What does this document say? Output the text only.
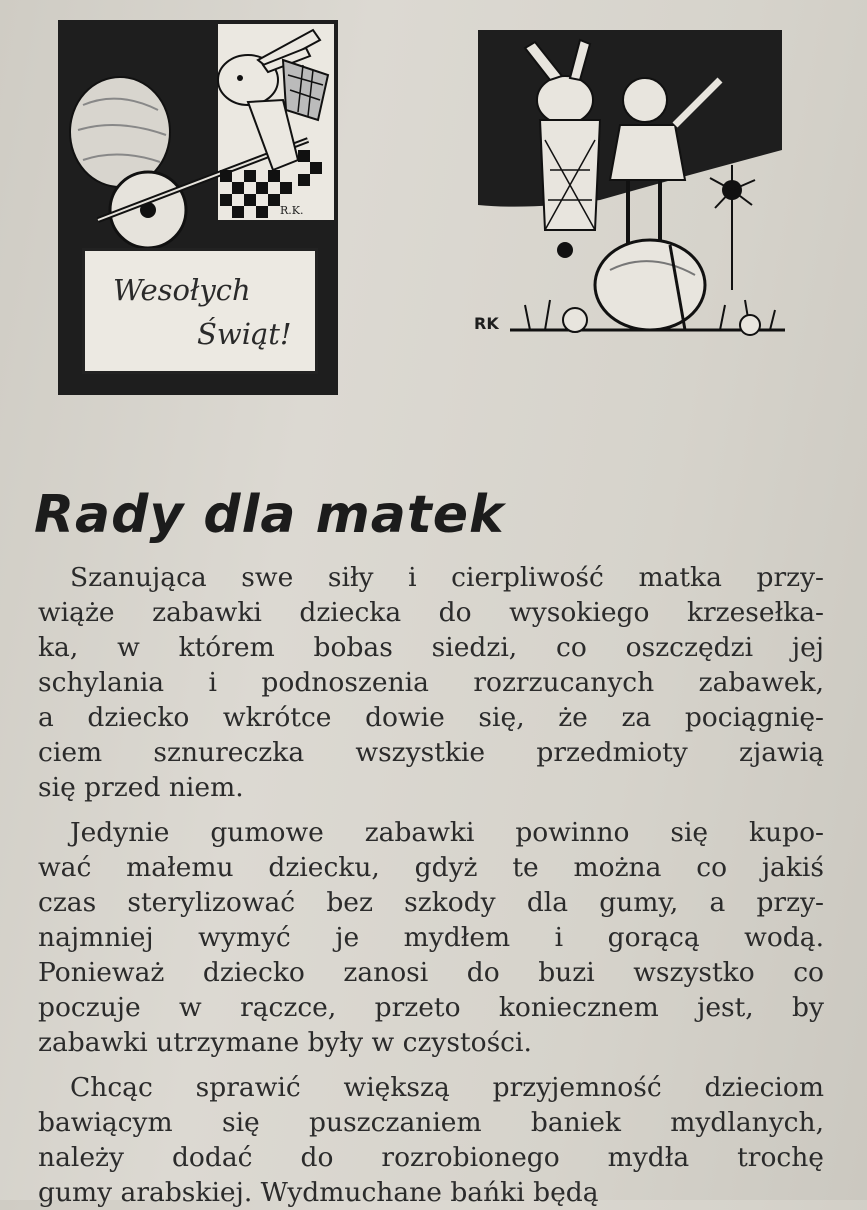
Wesołych
Świąt!
R.K.
RK
Rady dla matek
Szanująca swe siły i cierpliwość matka przy-
wiąże zabawki dziecka do wysokiego krzesełka-
ka, w którem bobas siedzi, co oszczędzi jej
schylania i podnoszenia rozrzucanych zabawek,
a dziecko wkrótce dowie się, że za pociągnię-
ciem sznureczka wszystkie przedmioty zjawią
się przed niem.
Jedynie gumowe zabawki powinno się kupo-
wać małemu dziecku, gdyż te można co jakiś
czas sterylizować bez szkody dla gumy, a przy-
najmniej wymyć je mydłem i gorącą wodą.
Ponieważ dziecko zanosi do buzi wszystko co
poczuje w rączce, przeto koniecznem jest, by
zabawki utrzymane były w czystości.
Chcąc sprawić większą przyjemność dzieciom
bawiącym się puszczaniem baniek mydlanych,
należy dodać do rozrobionego mydła trochę
gumy arabskiej. Wydmuchane bańki będą
